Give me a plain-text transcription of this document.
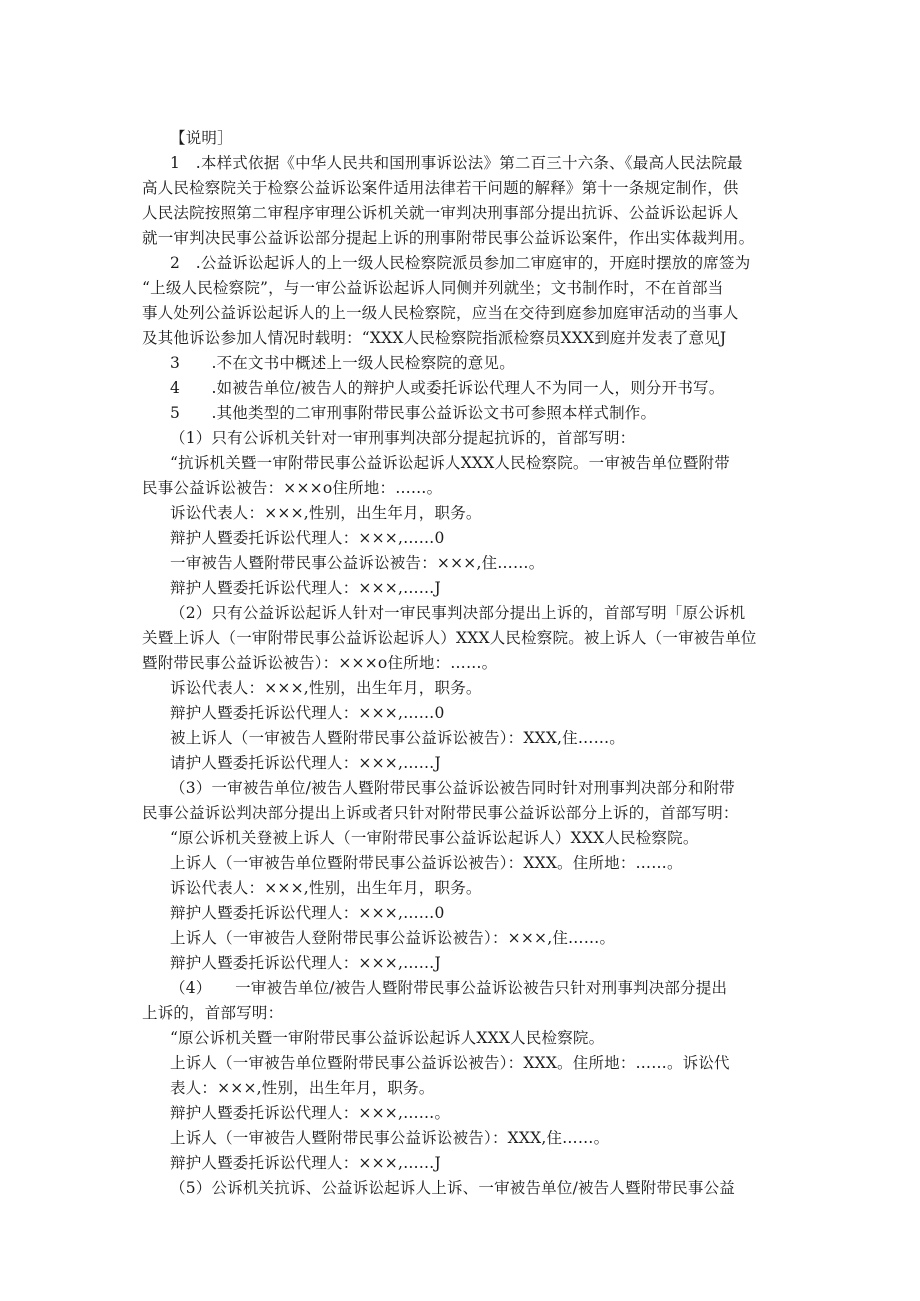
【说明］
1　.本样式依据《中华人民共和国刑事诉讼法》第二百三十六条、《最高人民法院最
高人民检察院关于检察公益诉讼案件适用法律若干问题的解释》第十一条规定制作，供
人民法院按照第二审程序审理公诉机关就一审判决刑事部分提出抗诉、公益诉讼起诉人
就一审判决民事公益诉讼部分提起上诉的刑事附带民事公益诉讼案件，作出实体裁判用。
2　.公益诉讼起诉人的上一级人民检察院派员参加二审庭审的，开庭时摆放的席签为
“上级人民检察院”，与一审公益诉讼起诉人同侧并列就坐；文书制作时，不在首部当
事人处列公益诉讼起诉人的上一级人民检察院，应当在交待到庭参加庭审活动的当事人
及其他诉讼参加人情况时载明：“XXX人民检察院指派检察员XXX到庭并发表了意见J
3　　.不在文书中概述上一级人民检察院的意见。
4　　.如被告单位/被告人的辩护人或委托诉讼代理人不为同一人，则分开书写。
5　　.其他类型的二审刑事附带民事公益诉讼文书可参照本样式制作。
（1）只有公诉机关针对一审刑事判决部分提起抗诉的，首部写明：
“抗诉机关暨一审附带民事公益诉讼起诉人XXX人民检察院。一审被告单位暨附带
民事公益诉讼被告：×××o住所地：……。
诉讼代表人：×××,性别，出生年月，职务。
辩护人暨委托诉讼代理人：×××,……0
一审被告人暨附带民事公益诉讼被告：×××,住……。
辩护人暨委托诉讼代理人：×××,……J
（2）只有公益诉讼起诉人针对一审民事判决部分提出上诉的，首部写明「原公诉机
关暨上诉人（一审附带民事公益诉讼起诉人）XXX人民检察院。被上诉人（一审被告单位
暨附带民事公益诉讼被告）：×××o住所地：……。
诉讼代表人：×××,性别，出生年月，职务。
辩护人暨委托诉讼代理人：×××,……0
被上诉人（一审被告人暨附带民事公益诉讼被告）：XXX,住……。
请护人暨委托诉讼代理人：×××,……J
（3）一审被告单位/被告人暨附带民事公益诉讼被告同时针对刑事判决部分和附带
民事公益诉讼判决部分提出上诉或者只针对附带民事公益诉讼部分上诉的，首部写明：
“原公诉机关登被上诉人（一审附带民事公益诉讼起诉人）XXX人民检察院。
上诉人（一审被告单位暨附带民事公益诉讼被告）：XXX。住所地：……。
诉讼代表人：×××,性别，出生年月，职务。
辩护人暨委托诉讼代理人：×××,……0
上诉人（一审被告人登附带民事公益诉讼被告）：×××,住……。
辩护人暨委托诉讼代理人：×××,……J
（4）　　一审被告单位/被告人暨附带民事公益诉讼被告只针对刑事判决部分提出
上诉的，首部写明：
“原公诉机关暨一审附带民事公益诉讼起诉人XXX人民检察院。
上诉人（一审被告单位暨附带民事公益诉讼被告）：XXX。住所地：……。诉讼代
表人：×××,性别，出生年月，职务。
辩护人暨委托诉讼代理人：×××,……。
上诉人（一审被告人暨附带民事公益诉讼被告）：XXX,住……。
辩护人暨委托诉讼代理人：×××,……J
（5）公诉机关抗诉、公益诉讼起诉人上诉、一审被告单位/被告人暨附带民事公益
